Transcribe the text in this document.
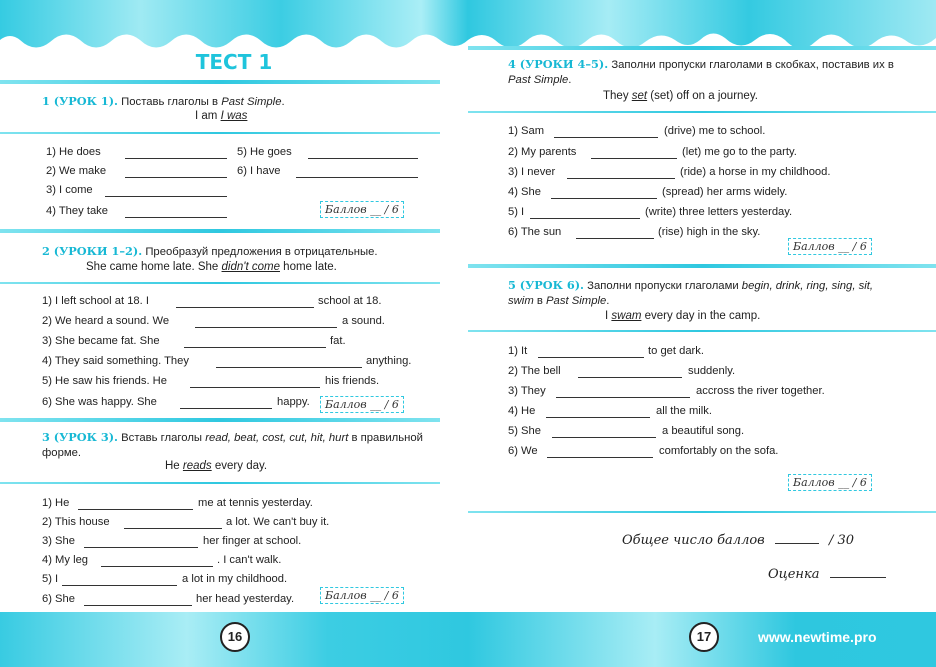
ТЕСТ 1
1 (УРОК 1). Поставь глаголы в Past Simple.
I am I was
1) He does	5) He goes
2) We make	6) I have
3) I come
4) They take	Баллов __ / 6
2 (УРОКИ 1–2). Преобразуй предложения в отрицательные.
She came home late. She didn't come home late.
1) I left school at 18. I	school at 18.
2) We heard a sound. We	a sound.
3) She became fat. She	fat.
4) They said something. They	anything.
5) He saw his friends. He	his friends.
6) She was happy. She	happy.	Баллов __ / 6
3 (УРОК 3). Вставь глаголы read, beat, cost, cut, hit, hurt в правильной форме.
He reads every day.
1) He	me at tennis yesterday.
2) This house	a lot. We can't buy it.
3) She	her finger at school.
4) My leg	. I can't walk.
5) I	a lot in my childhood.
6) She	her head yesterday.	Баллов __ / 6
16
4 (УРОКИ 4–5). Заполни пропуски глаголами в скобках, поставив их в Past Simple.
They set (set) off on a journey.
1) Sam	(drive) me to school.
2) My parents	(let) me go to the party.
3) I never	(ride) a horse in my childhood.
4) She	(spread) her arms widely.
5) I	(write) three letters yesterday.
6) The sun	(rise) high in the sky.
Баллов __ / 6
5 (УРОК 6). Заполни пропуски глаголами begin, drink, ring, sing, sit, swim в Past Simple.
I swam every day in the camp.
1) It	to get dark.
2) The bell	suddenly.
3) They	accross the river together.
4) He	all the milk.
5) She	a beautiful song.
6) We	comfortably on the sofa.
Баллов __ / 6
Общее число баллов	/ 30
Оценка
17	www.newtime.pro
